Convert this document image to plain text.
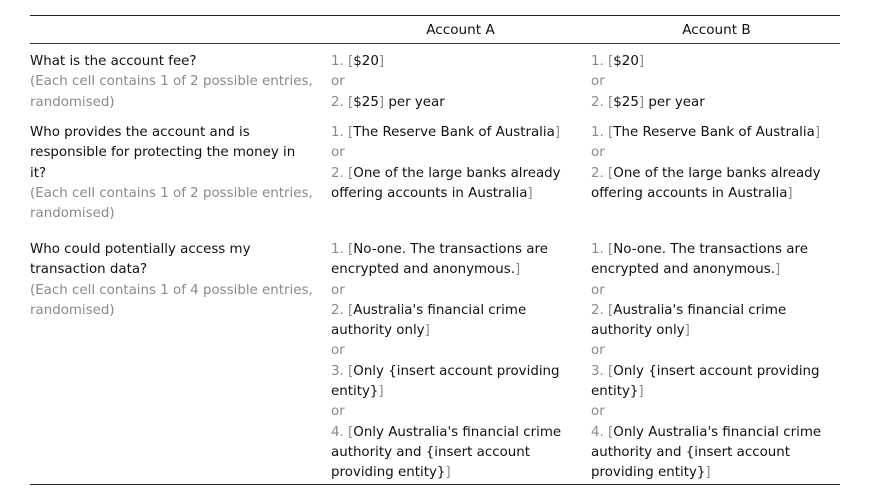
Account A	Account B
What is the account fee?
(Each cell contains 1 of 2 possible entries,
randomised)
1. [$20]
or
2. [$25] per year
1. [$20]
or
2. [$25] per year
Who provides the account and is
responsible for protecting the money in
it?
(Each cell contains 1 of 2 possible entries,
randomised)
1. [The Reserve Bank of Australia]
or
2. [One of the large banks already
offering accounts in Australia]
1. [The Reserve Bank of Australia]
or
2. [One of the large banks already
offering accounts in Australia]
Who could potentially access my
transaction data?
(Each cell contains 1 of 4 possible entries,
randomised)
1. [No-one. The transactions are
encrypted and anonymous.]
or
2. [Australia's financial crime
authority only]
or
3. [Only {insert account providing
entity}]
or
4. [Only Australia's financial crime
authority and {insert account
providing entity}]
1. [No-one. The transactions are
encrypted and anonymous.]
or
2. [Australia's financial crime
authority only]
or
3. [Only {insert account providing
entity}]
or
4. [Only Australia's financial crime
authority and {insert account
providing entity}]
